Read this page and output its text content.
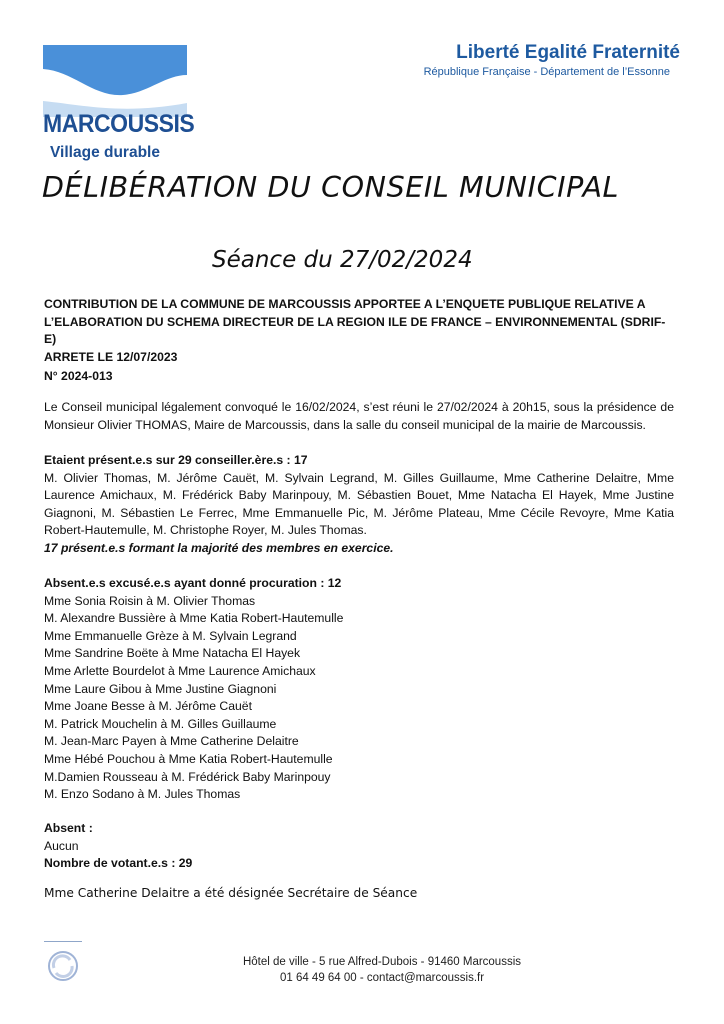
MARCOUSSIS
Village durable
Liberté Egalité Fraternité
République Française - Département de l’Essonne
DÉLIBÉRATION DU CONSEIL MUNICIPAL
Séance du 27/02/2024
CONTRIBUTION DE LA COMMUNE DE MARCOUSSIS APPORTEE A L’ENQUETE PUBLIQUE RELATIVE A
L’ELABORATION DU SCHEMA DIRECTEUR DE LA REGION ILE DE FRANCE – ENVIRONNEMENTAL (SDRIF-E)
ARRETE LE 12/07/2023
N° 2024-013
Le Conseil municipal légalement convoqué le 16/02/2024, s’est réuni le 27/02/2024 à 20h15, sous la présidence de Monsieur Olivier THOMAS, Maire de Marcoussis, dans la salle du conseil municipal de la mairie de Marcoussis.
Etaient présent.e.s sur 29 conseiller.ère.s : 17
M. Olivier Thomas, M. Jérôme Cauët, M. Sylvain Legrand, M. Gilles Guillaume, Mme Catherine Delaitre, Mme Laurence Amichaux, M. Frédérick Baby Marinpouy, M. Sébastien Bouet, Mme Natacha El Hayek, Mme Justine Giagnoni, M. Sébastien Le Ferrec, Mme Emmanuelle Pic, M. Jérôme Plateau, Mme Cécile Revoyre, Mme Katia Robert-Hautemulle, M. Christophe Royer, M. Jules Thomas.
17 présent.e.s formant la majorité des membres en exercice.
Absent.e.s excusé.e.s ayant donné procuration : 12
Mme Sonia Roisin à M. Olivier Thomas
M. Alexandre Bussière à Mme Katia Robert-Hautemulle
Mme Emmanuelle Grèze à M. Sylvain Legrand
Mme Sandrine Boëte à Mme Natacha El Hayek
Mme Arlette Bourdelot à Mme Laurence Amichaux
Mme Laure Gibou à Mme Justine Giagnoni
Mme Joane Besse à M. Jérôme Cauët
M. Patrick Mouchelin à M. Gilles Guillaume
M. Jean-Marc Payen à Mme Catherine Delaitre
Mme Hébé Pouchou à Mme Katia Robert-Hautemulle
M.Damien Rousseau à M. Frédérick Baby Marinpouy
M. Enzo Sodano à M. Jules Thomas
Absent :
Aucun
Nombre de votant.e.s : 29
Mme Catherine Delaitre a été désignée Secrétaire de Séance
Hôtel de ville - 5 rue Alfred-Dubois - 91460 Marcoussis
01 64 49 64 00 - contact@marcoussis.fr
